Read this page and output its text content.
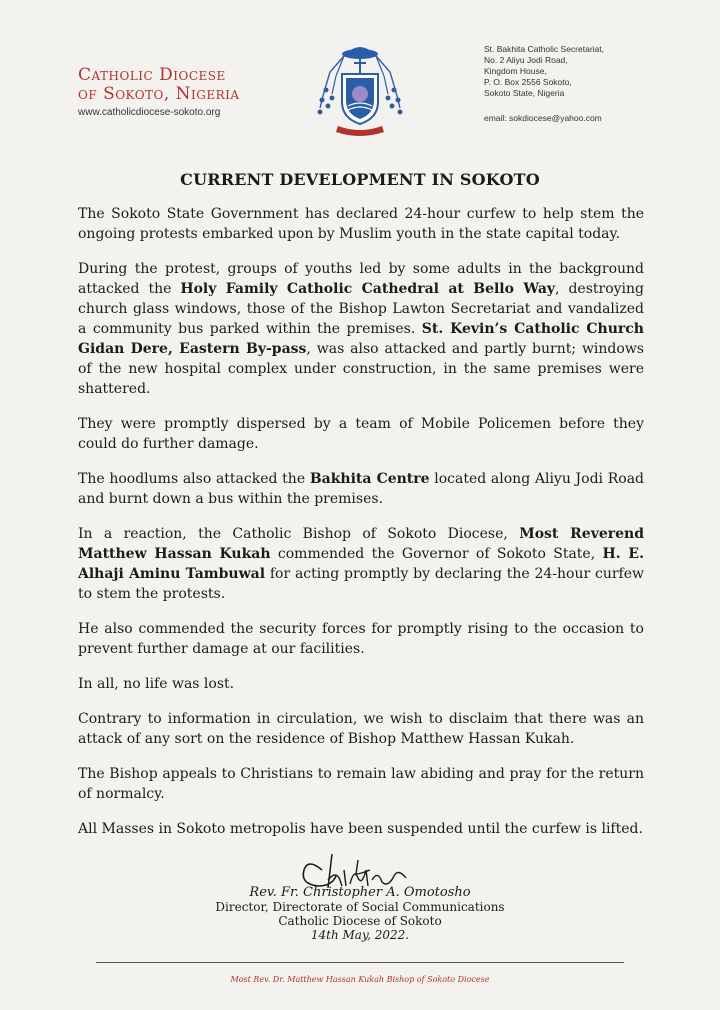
Catholic Diocese
of Sokoto, Nigeria
www.catholicdiocese-sokoto.org
St. Bakhita Catholic Secretariat,
No. 2 Aliyu Jodi Road,
Kingdom House,
P. O. Box 2556 Sokoto,
Sokoto State, Nigeria
email: sokdiocese@yahoo.com
CURRENT DEVELOPMENT IN SOKOTO

The Sokoto State Government has declared 24-hour curfew to help stem the ongoing protests embarked upon by Muslim youth in the state capital today.

During the protest, groups of youths led by some adults in the background attacked the Holy Family Catholic Cathedral at Bello Way, destroying church glass windows, those of the Bishop Lawton Secretariat and vandalized a community bus parked within the premises. St. Kevin’s Catholic Church Gidan Dere, Eastern By-pass, was also attacked and partly burnt; windows of the new hospital complex under construction, in the same premises were shattered.

They were promptly dispersed by a team of Mobile Policemen before they could do further damage.

The hoodlums also attacked the Bakhita Centre located along Aliyu Jodi Road and burnt down a bus within the premises.

In a reaction, the Catholic Bishop of Sokoto Diocese, Most Reverend Matthew Hassan Kukah commended the Governor of Sokoto State, H. E. Alhaji Aminu Tambuwal for acting promptly by declaring the 24-hour curfew to stem the protests.

He also commended the security forces for promptly rising to the occasion to prevent further damage at our facilities.

In all, no life was lost.

Contrary to information in circulation, we wish to disclaim that there was an attack of any sort on the residence of Bishop Matthew Hassan Kukah.

The Bishop appeals to Christians to remain law abiding and pray for the return of normalcy.

All Masses in Sokoto metropolis have been suspended until the curfew is lifted.

Rev. Fr. Christopher A. Omotosho
Director, Directorate of Social Communications
Catholic Diocese of Sokoto
14th May, 2022.
Most Rev. Dr. Matthew Hassan Kukah Bishop of Sokoto Diocese
